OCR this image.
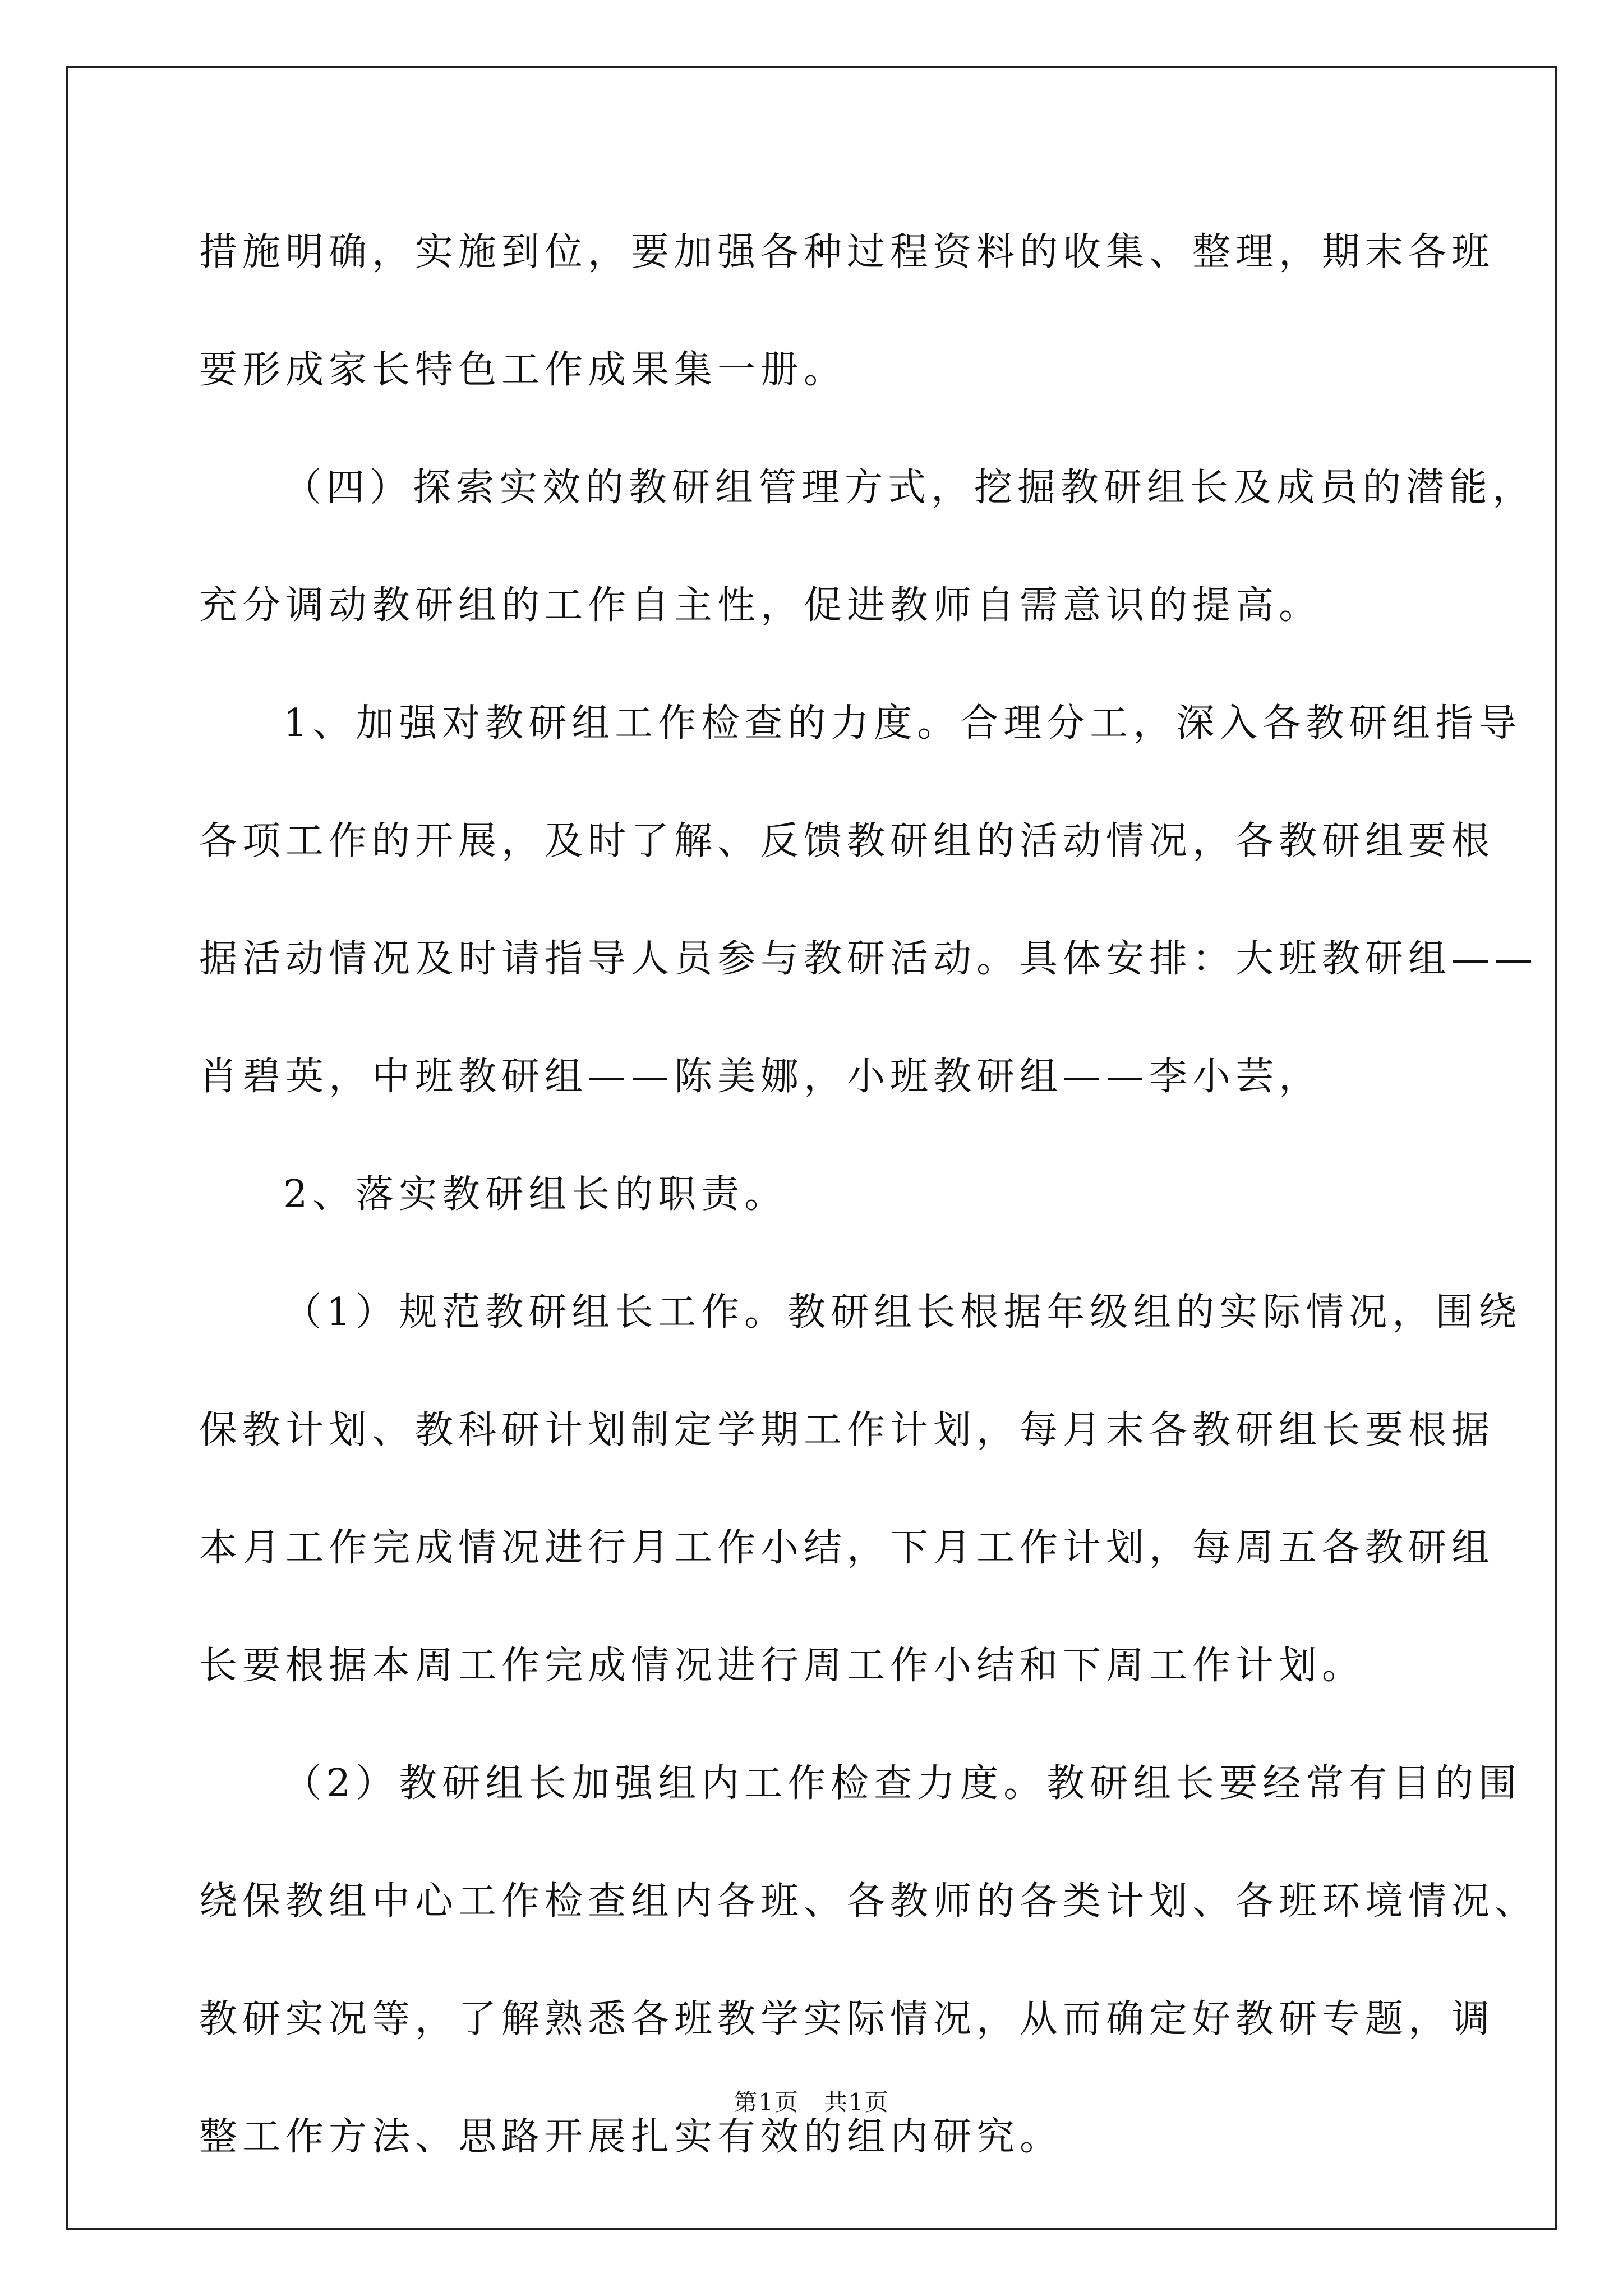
措施明确，实施到位，要加强各种过程资料的收集、整理，期末各班
要形成家长特色工作成果集一册。
（四）探索实效的教研组管理方式，挖掘教研组长及成员的潜能，
充分调动教研组的工作自主性，促进教师自需意识的提高。
1、加强对教研组工作检查的力度。合理分工，深入各教研组指导
各项工作的开展，及时了解、反馈教研组的活动情况，各教研组要根
据活动情况及时请指导人员参与教研活动。具体安排：大班教研组——
肖碧英，中班教研组——陈美娜，小班教研组——李小芸，
2、落实教研组长的职责。
（1）规范教研组长工作。教研组长根据年级组的实际情况，围绕
保教计划、教科研计划制定学期工作计划，每月末各教研组长要根据
本月工作完成情况进行月工作小结，下月工作计划，每周五各教研组
长要根据本周工作完成情况进行周工作小结和下周工作计划。
（2）教研组长加强组内工作检查力度。教研组长要经常有目的围
绕保教组中心工作检查组内各班、各教师的各类计划、各班环境情况、
教研实况等，了解熟悉各班教学实际情况，从而确定好教研专题，调
整工作方法、思路开展扎实有效的组内研究。
第1页　共1页
